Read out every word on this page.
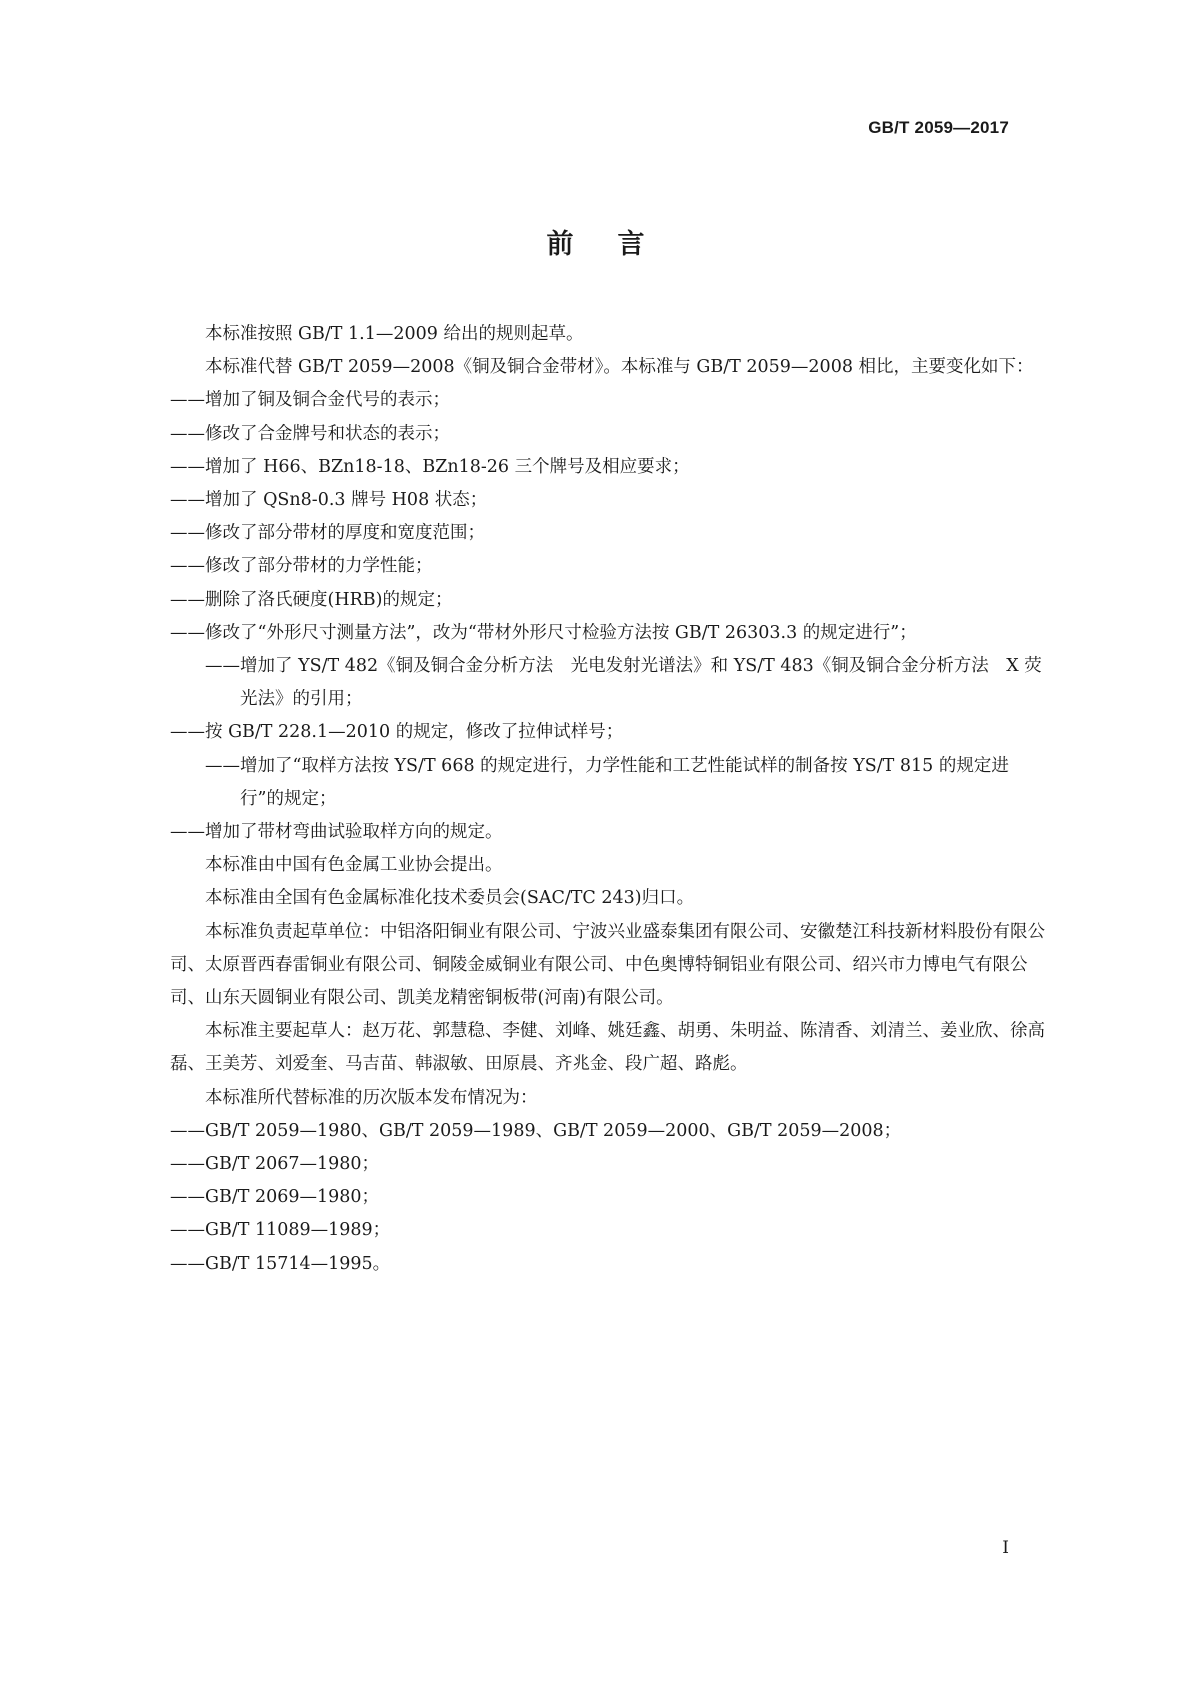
GB/T 2059—2017
前言

本标准按照 GB/T 1.1—2009 给出的规则起草。

本标准代替 GB/T 2059—2008《铜及铜合金带材》。本标准与 GB/T 2059—2008 相比，主要变化如下：

——增加了铜及铜合金代号的表示；

——修改了合金牌号和状态的表示；

——增加了 H66、BZn18-18、BZn18-26 三个牌号及相应要求；

——增加了 QSn8-0.3 牌号 H08 状态；

——修改了部分带材的厚度和宽度范围；

——修改了部分带材的力学性能；

——删除了洛氏硬度(HRB)的规定；

——修改了“外形尺寸测量方法”，改为“带材外形尺寸检验方法按 GB/T 26303.3 的规定进行”；

——增加了 YS/T 482《铜及铜合金分析方法　光电发射光谱法》和 YS/T 483《铜及铜合金分析方法　X 荧光法》的引用；

——按 GB/T 228.1—2010 的规定，修改了拉伸试样号；

——增加了“取样方法按 YS/T 668 的规定进行，力学性能和工艺性能试样的制备按 YS/T 815 的规定进行”的规定；

——增加了带材弯曲试验取样方向的规定。

本标准由中国有色金属工业协会提出。

本标准由全国有色金属标准化技术委员会(SAC/TC 243)归口。

本标准负责起草单位：中铝洛阳铜业有限公司、宁波兴业盛泰集团有限公司、安徽楚江科技新材料股份有限公司、太原晋西春雷铜业有限公司、铜陵金威铜业有限公司、中色奥博特铜铝业有限公司、绍兴市力博电气有限公司、山东天圆铜业有限公司、凯美龙精密铜板带(河南)有限公司。

本标准主要起草人：赵万花、郭慧稳、李健、刘峰、姚廷鑫、胡勇、朱明益、陈清香、刘清兰、姜业欣、徐高磊、王美芳、刘爱奎、马吉苗、韩淑敏、田原晨、齐兆金、段广超、路彪。

本标准所代替标准的历次版本发布情况为：

——GB/T 2059—1980、GB/T 2059—1989、GB/T 2059—2000、GB/T 2059—2008；

——GB/T 2067—1980；

——GB/T 2069—1980；

——GB/T 11089—1989；

——GB/T 15714—1995。

I
